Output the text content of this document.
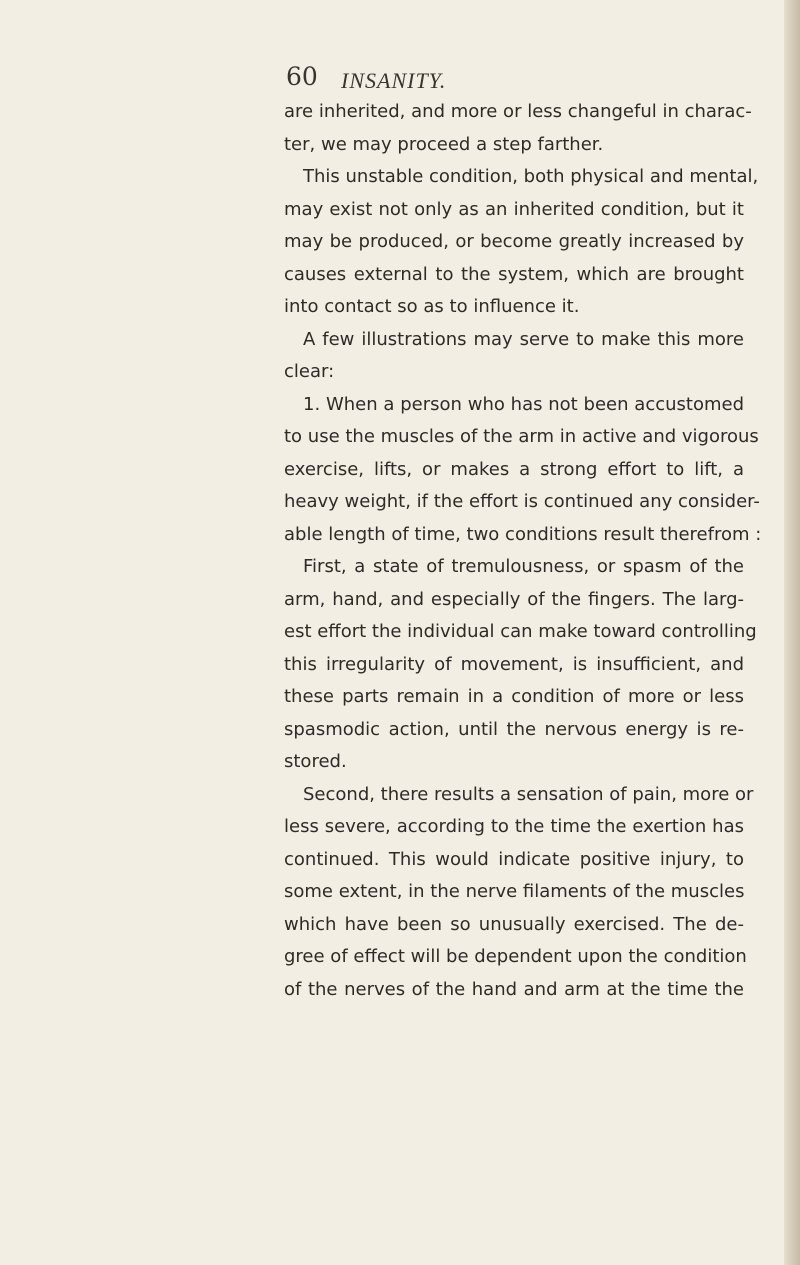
60 INSANITY.
are inherited, and more or less changeful in charac-
ter, we may proceed a step farther.
This unstable condition, both physical and mental,
may exist not only as an inherited condition, but it
may be produced, or become greatly increased by
causes external to the system, which are brought
into contact so as to influence it.
A few illustrations may serve to make this more
clear:
1. When a person who has not been accustomed
to use the muscles of the arm in active and vigorous
exercise, lifts, or makes a strong effort to lift, a
heavy weight, if the effort is continued any consider-
able length of time, two conditions result therefrom :
First, a state of tremulousness, or spasm of the
arm, hand, and especially of the fingers. The larg-
est effort the individual can make toward controlling
this irregularity of movement, is insufficient, and
these parts remain in a condition of more or less
spasmodic action, until the nervous energy is re-
stored.
Second, there results a sensation of pain, more or
less severe, according to the time the exertion has
continued. This would indicate positive injury, to
some extent, in the nerve filaments of the muscles
which have been so unusually exercised. The de-
gree of effect will be dependent upon the condition
of the nerves of the hand and arm at the time the
